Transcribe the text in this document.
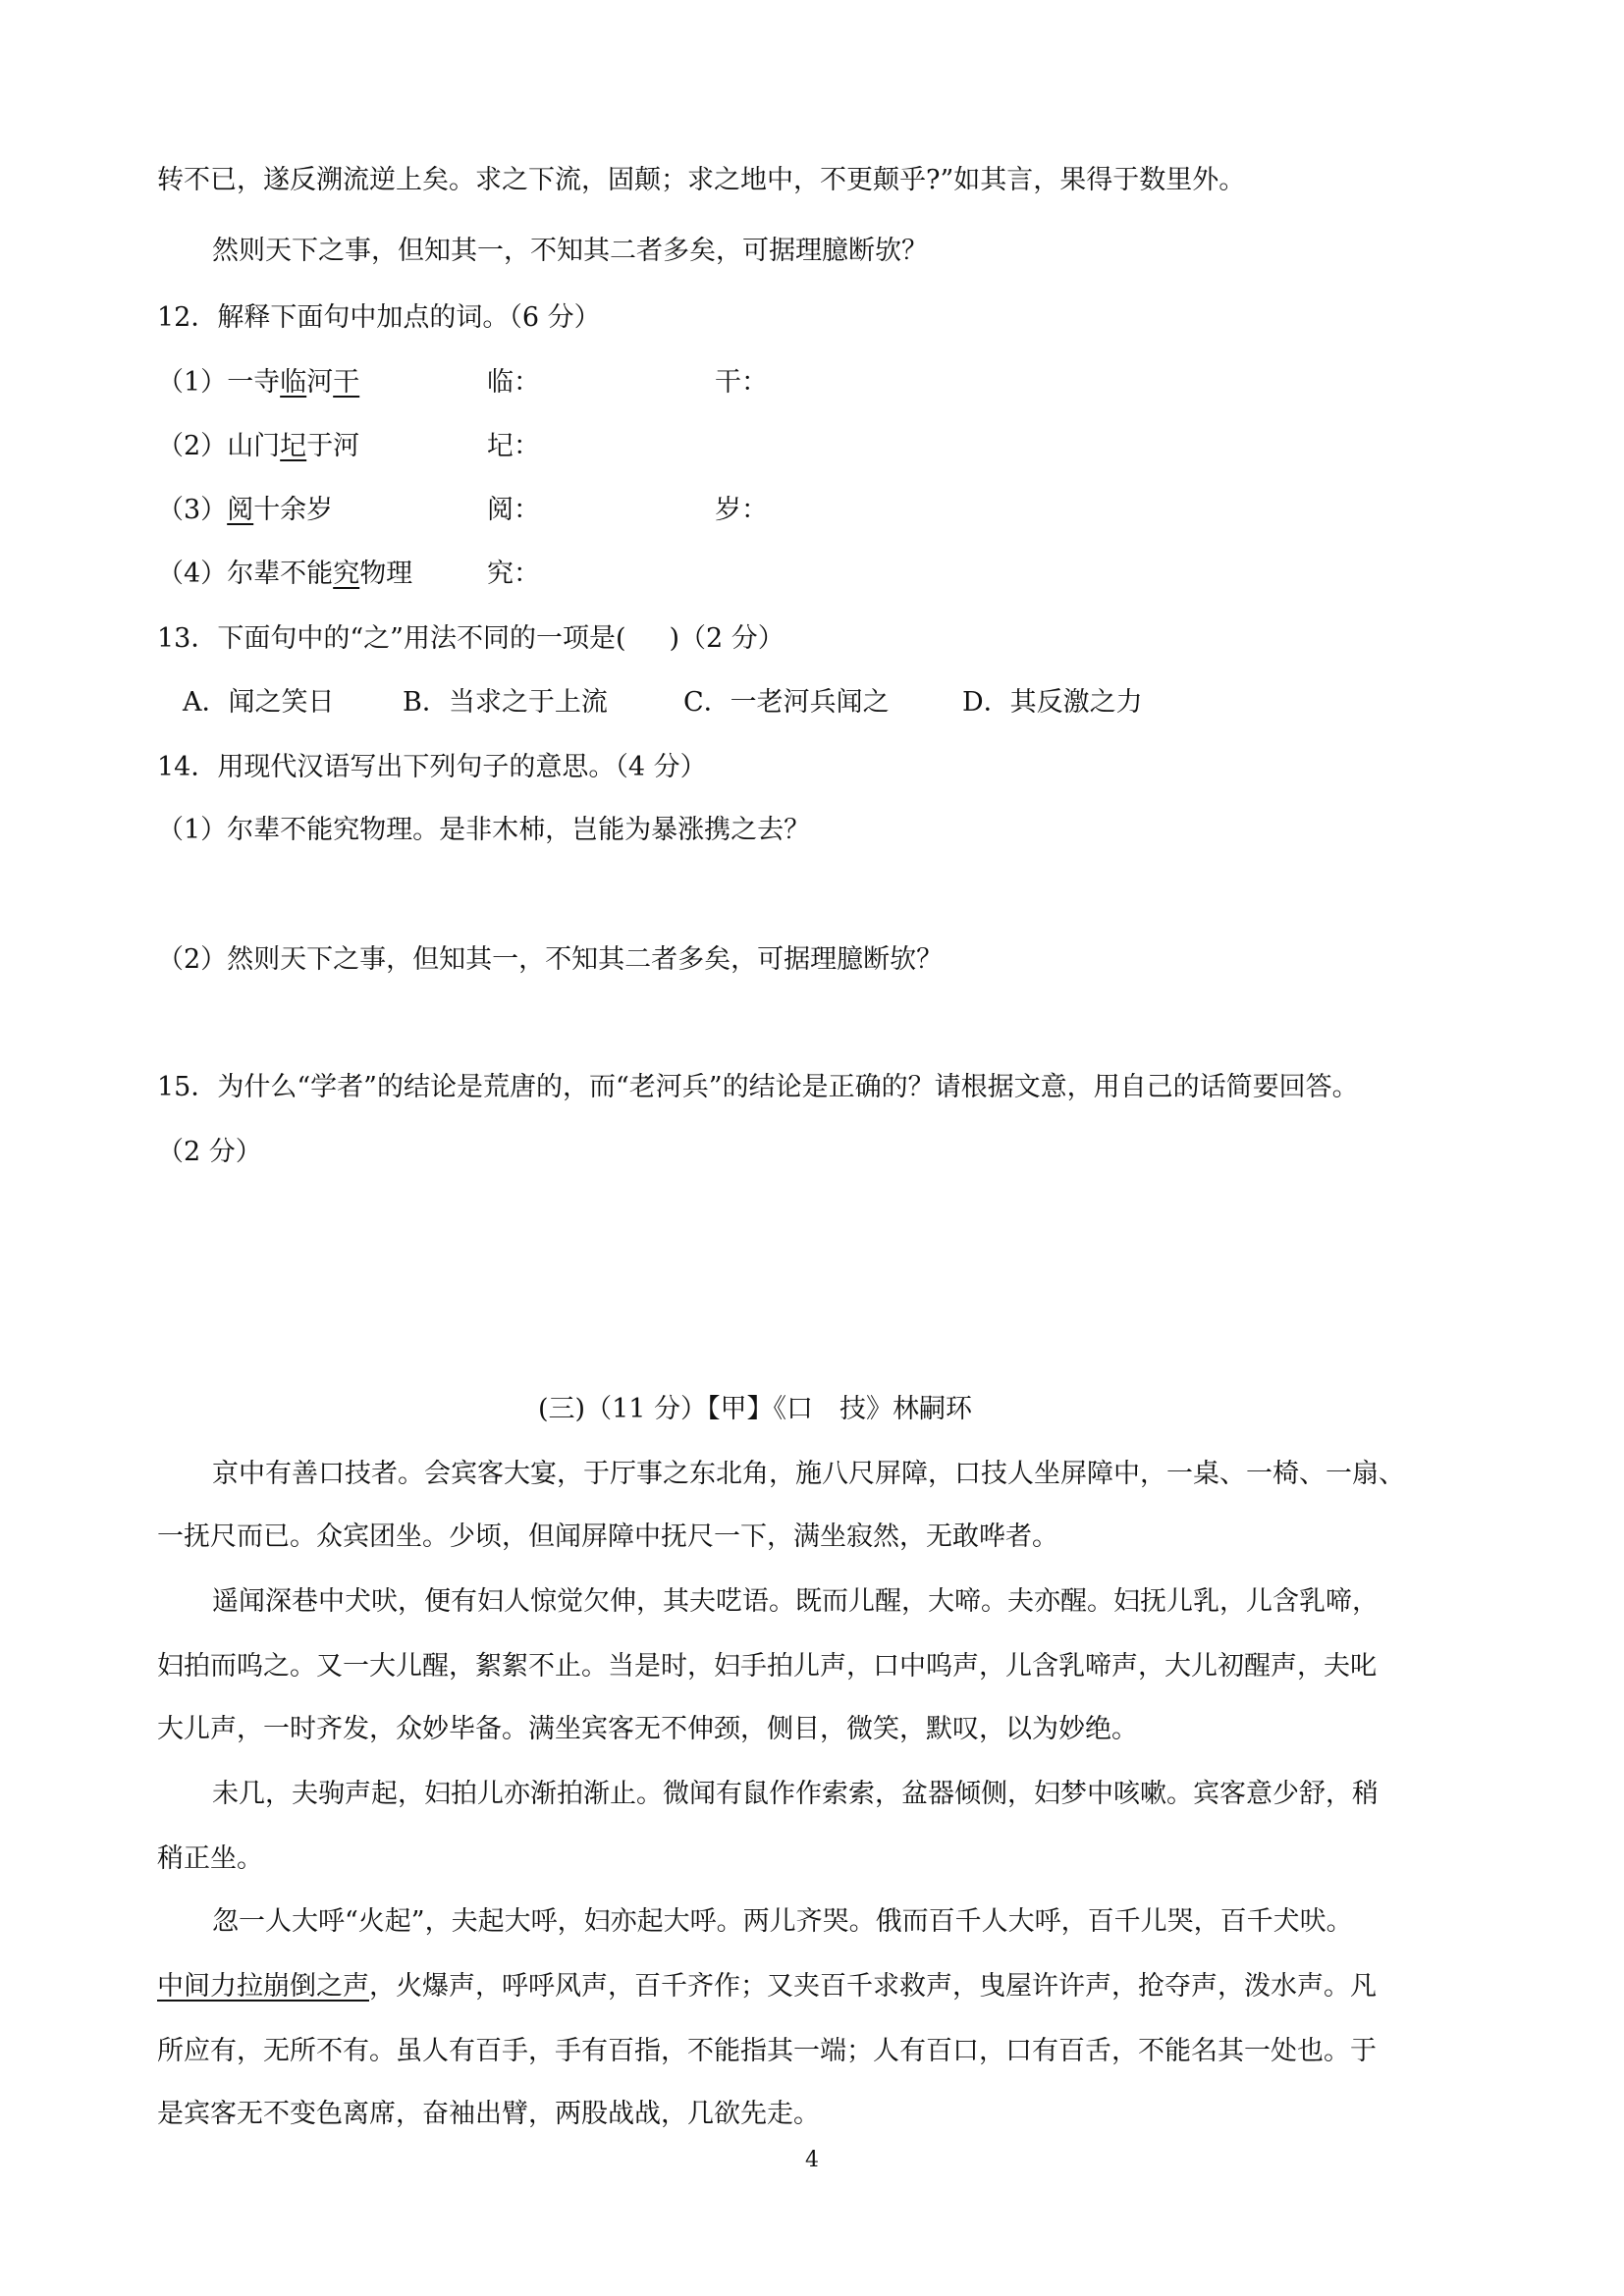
转不已，遂反溯流逆上矣。求之下流，固颠；求之地中，不更颠乎?”如其言，果得于数里外。
然则天下之事，但知其一，不知其二者多矣，可据理臆断欤？
12．解释下面句中加点的词。（6 分）
（1）一寺临河干	临：	干：
（2）山门圮于河	圮：
（3）阅十余岁	阅：	岁：
（4）尔辈不能究物理	究：
13．下面句中的“之”用法不同的一项是( )（2 分）
A．闻之笑日	B．当求之于上流	C．一老河兵闻之	D．其反激之力
14．用现代汉语写出下列句子的意思。（4 分）
（1）尔辈不能究物理。是非木杮，岂能为暴涨携之去？
（2）然则天下之事，但知其一，不知其二者多矣，可据理臆断欤？
15．为什么“学者”的结论是荒唐的，而“老河兵”的结论是正确的？请根据文意，用自己的话简要回答。
（2 分）
(三)（11 分）【甲】《口　技》林嗣环
京中有善口技者。会宾客大宴，于厅事之东北角，施八尺屏障，口技人坐屏障中，一桌、一椅、一扇、
一抚尺而已。众宾团坐。少顷，但闻屏障中抚尺一下，满坐寂然，无敢哗者。
遥闻深巷中犬吠，便有妇人惊觉欠伸，其夫呓语。既而儿醒，大啼。夫亦醒。妇抚儿乳，儿含乳啼，
妇拍而呜之。又一大儿醒，絮絮不止。当是时，妇手拍儿声，口中呜声，儿含乳啼声，大儿初醒声，夫叱
大儿声，一时齐发，众妙毕备。满坐宾客无不伸颈，侧目，微笑，默叹，以为妙绝。
未几，夫驹声起，妇拍儿亦渐拍渐止。微闻有鼠作作索索，盆器倾侧，妇梦中咳嗽。宾客意少舒，稍
稍正坐。
忽一人大呼“火起”，夫起大呼，妇亦起大呼。两儿齐哭。俄而百千人大呼，百千儿哭，百千犬吠。
中间力拉崩倒之声，火爆声，呼呼风声，百千齐作；又夹百千求救声，曳屋许许声，抢夺声，泼水声。凡
所应有，无所不有。虽人有百手，手有百指，不能指其一端；人有百口，口有百舌，不能名其一处也。于
是宾客无不变色离席，奋袖出臂，两股战战，几欲先走。
4
